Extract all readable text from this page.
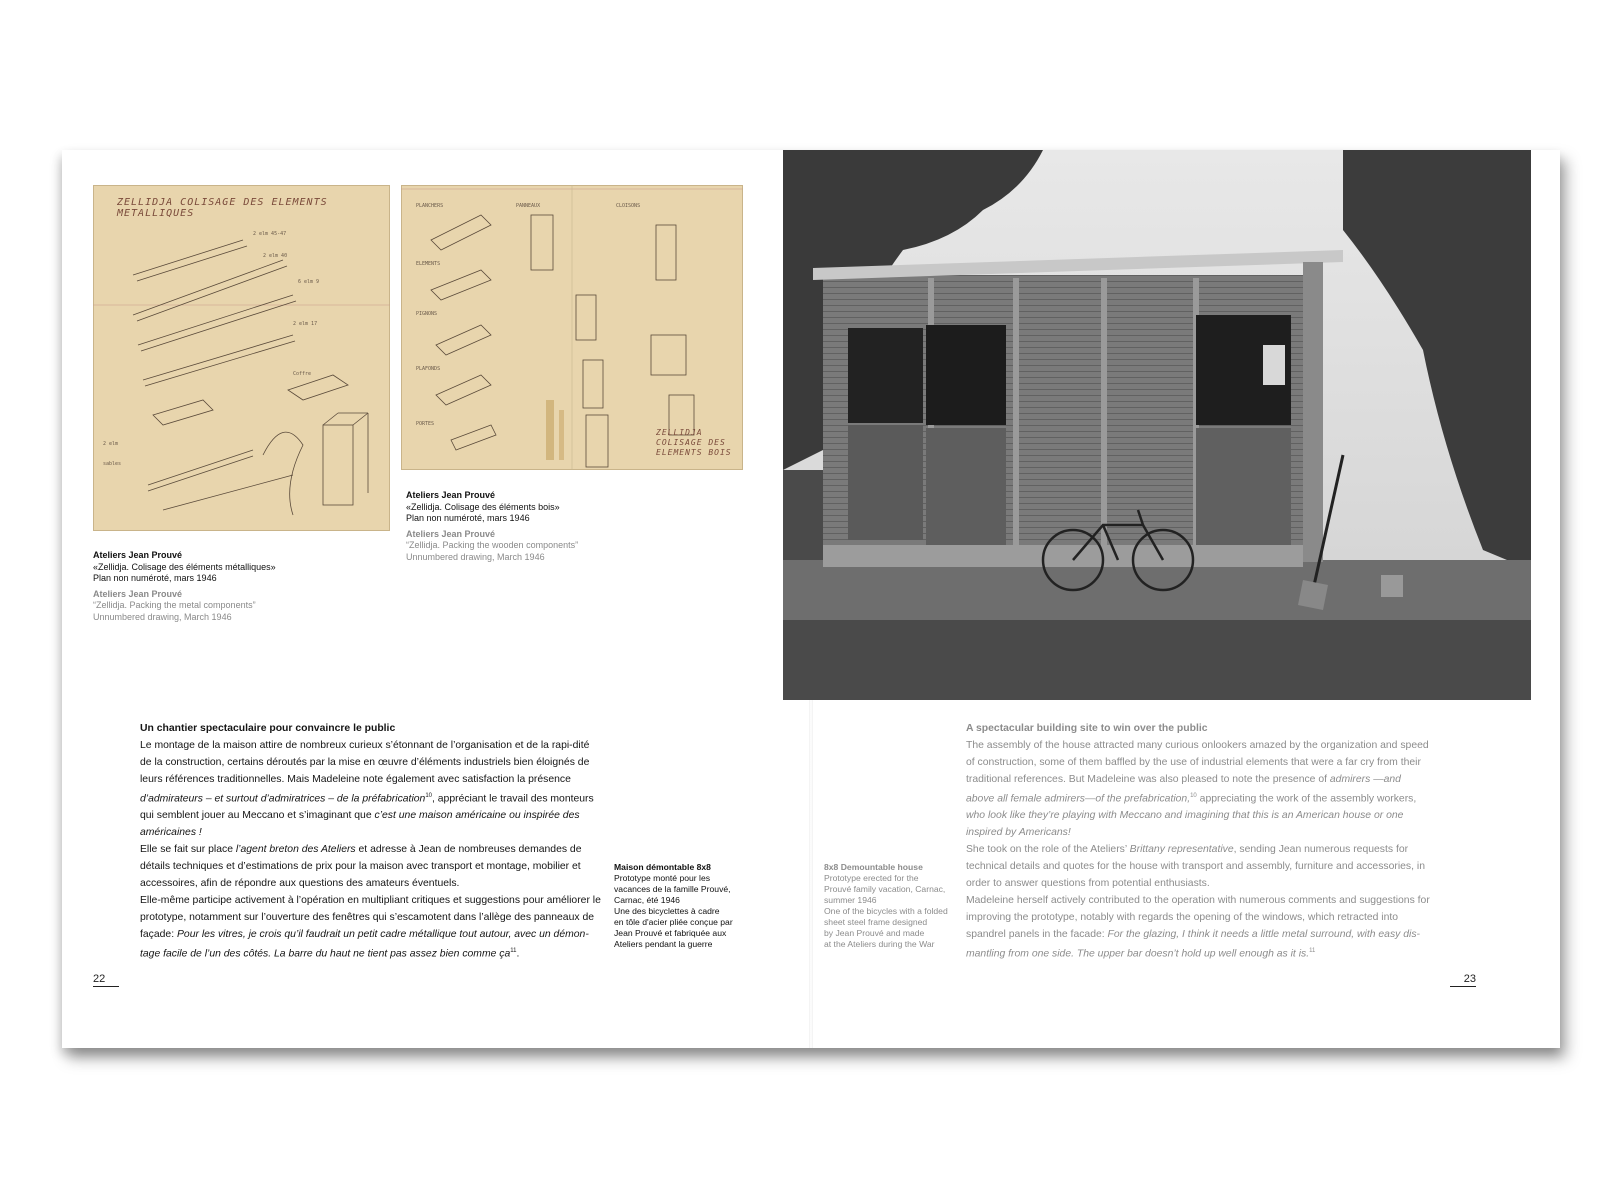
ZELLIDJA COLISAGE DES ELEMENTS METALLIQUES
2 elm 45-47
2 elm 40
6 elm 9
2 elm 17
2 elm
sables
Coffre
PLANCHERS
ELEMENTS
PIGNONS
PLAFONDS
PORTES
PANNEAUX	CLOISONS
ZELLIDJA COLISAGE DES ELEMENTS BOIS
Ateliers Jean Prouvé
«Zellidja. Colisage des éléments métalliques»
Plan non numéroté, mars 1946
Ateliers Jean Prouvé
“Zellidja. Packing the metal components”
Unnumbered drawing, March 1946
Ateliers Jean Prouvé
«Zellidja. Colisage des éléments bois»
Plan non numéroté, mars 1946
Ateliers Jean Prouvé
“Zellidja. Packing the wooden components”
Unnumbered drawing, March 1946

Un chantier spectaculaire pour convaincre le public

Le montage de la maison attire de nombreux curieux s’étonnant de l’organisation et de la rapi-dité de la construction, certains déroutés par la mise en œuvre d’éléments industriels bien éloignés de leurs références traditionnelles. Mais Madeleine note également avec satisfaction la présence d’admirateurs – et surtout d’admiratrices – de la préfabrication$^{10}$, appréciant le travail des monteurs qui semblent jouer au Meccano et s’imaginant que c’est une maison américaine ou inspirée des américaines !

Elle se fait sur place l’agent breton des Ateliers et adresse à Jean de nombreuses demandes de détails techniques et d’estimations de prix pour la maison avec transport et montage, mobilier et accessoires, afin de répondre aux questions des amateurs éventuels.

Elle-même participe activement à l’opération en multipliant critiques et suggestions pour améliorer le prototype, notamment sur l’ouverture des fenêtres qui s’escamotent dans l’allège des panneaux de façade: Pour les vitres, je crois qu’il faudrait un petit cadre métallique tout autour, avec un démon-tage facile de l’un des côtés. La barre du haut ne tient pas assez bien comme $ça^{11}$.

Maison démontable 8x8
Prototype monté pour les
vacances de la famille Prouvé,
Carnac, été 1946
Une des bicyclettes à cadre
en tôle d'acier pliée conçue par
Jean Prouvé et fabriquée aux
Ateliers pendant la guerre
8x8 Demountable house
Prototype erected for the
Prouvé family vacation, Carnac,
summer 1946
One of the bicycles with a folded
sheet steel frame designed
by Jean Prouvé and made
at the Ateliers during the War

A spectacular building site to win over the public

The assembly of the house attracted many curious onlookers amazed by the organization and speed of construction, some of them baffled by the use of industrial elements that were a far cry from their traditional references. But Madeleine was also pleased to note the presence of admirers —and above all female admirers—of the prefabrication,$^{10}$ appreciating the work of the assembly workers, who look like they’re playing with Meccano and imagining that this is an American house or one inspired by Americans!

She took on the role of the Ateliers’ Brittany representative, sending Jean numerous requests for technical details and quotes for the house with transport and assembly, furniture and accessories, in order to answer questions from potential enthusiasts.

Madeleine herself actively contributed to the operation with numerous comments and suggestions for improving the prototype, notably with regards the opening of the windows, which retracted into spandrel panels in the facade: For the glazing, I think it needs a little metal surround, with easy dis-mantling from one side. The upper bar doesn’t hold up well enough as it is.$^{11}$

22	23
